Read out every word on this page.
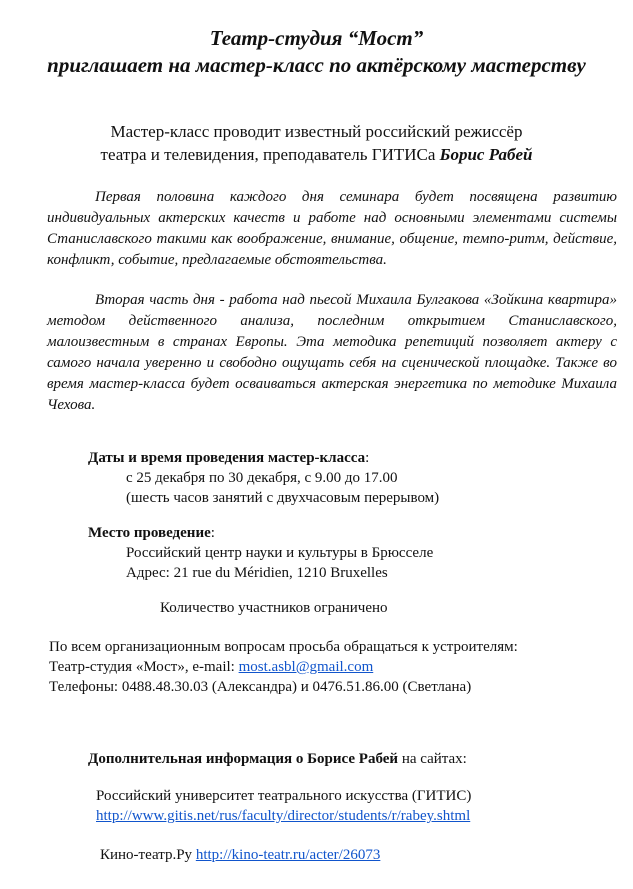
Театр-студия “Мост”
приглашает на мастер-класс по актёрскому мастерству
Мастер-класс проводит известный российский режиссёр
театра и телевидения, преподаватель ГИТИСа Борис Рабей
Первая половина каждого дня семинара будет посвящена развитию индивидуальных актерских качеств и работе над основными элементами системы Станиславского такими как воображение, внимание, общение, темпо-ритм, действие, конфликт, событие, предлагаемые обстоятельства.
Вторая часть дня - работа над пьесой Михаила Булгакова «Зойкина квартира» методом действенного анализа, последним открытием Станиславского, малоизвестным в странах Европы. Эта методика репетиций позволяет актеру с самого начала уверенно и свободно ощущать себя на сценической площадке. Также во время мастер-класса будет осваиваться актерская энергетика по методике Михаила Чехова.
Даты и время проведения мастер-класса:
с 25 декабря по 30 декабря, с 9.00 до 17.00
(шесть часов занятий с двухчасовым перерывом)
Место проведение:
Российский центр науки и культуры в Брюсселе
Адрес: 21 rue du Méridien, 1210 Bruxelles
Количество участников ограничено
По всем организационным вопросам просьба обращаться к устроителям:
Театр-студия «Мост», e-mail: most.asbl@gmail.com
Телефоны: 0488.48.30.03 (Александра) и 0476.51.86.00 (Светлана)
Дополнительная информация о Борисе Рабей на сайтах:
Российский университет театрального искусства (ГИТИС)
http://www.gitis.net/rus/faculty/director/students/r/rabey.shtml
Кино-театр.Ру http://kino-teatr.ru/acter/26073
